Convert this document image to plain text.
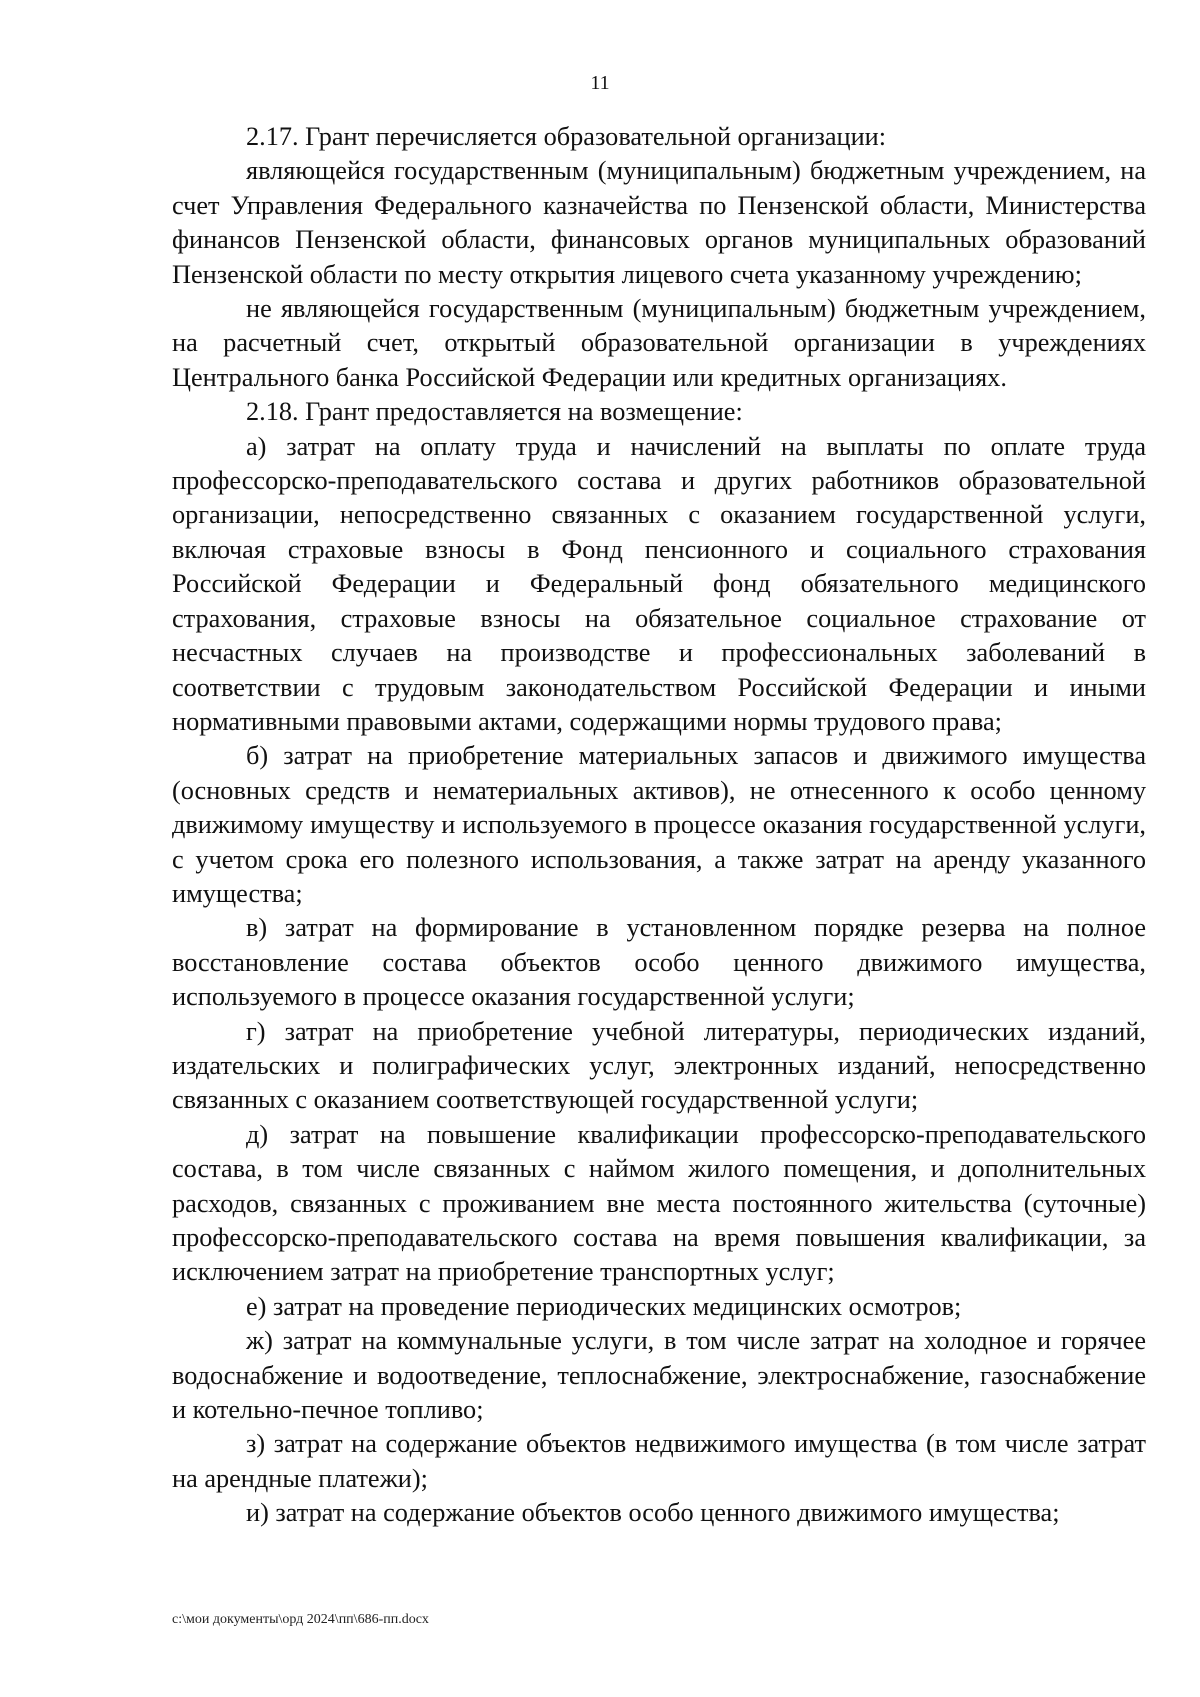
11

2.17. Грант перечисляется образовательной организации:

являющейся государственным (муниципальным) бюджетным учреждением, на счет Управления Федерального казначейства по Пензенской области, Министерства финансов Пензенской области, финансовых органов муниципальных образований Пензенской области по месту открытия лицевого счета указанному учреждению;

не являющейся государственным (муниципальным) бюджетным учреждением, на расчетный счет, открытый образовательной организации в учреждениях Центрального банка Российской Федерации или кредитных организациях.

2.18. Грант предоставляется на возмещение:

а) затрат на оплату труда и начислений на выплаты по оплате труда профессорско-преподавательского состава и других работников образовательной организации, непосредственно связанных с оказанием государственной услуги, включая страховые взносы в Фонд пенсионного и социального страхования Российской Федерации и Федеральный фонд обязательного медицинского страхования, страховые взносы на обязательное социальное страхование от несчастных случаев на производстве и профессиональных заболеваний в соответствии с трудовым законодательством Российской Федерации и иными нормативными правовыми актами, содержащими нормы трудового права;

б) затрат на приобретение материальных запасов и движимого имущества (основных средств и нематериальных активов), не отнесенного к особо ценному движимому имуществу и используемого в процессе оказания государственной услуги, с учетом срока его полезного использования, а также затрат на аренду указанного имущества;

в) затрат на формирование в установленном порядке резерва на полное восстановление состава объектов особо ценного движимого имущества, используемого в процессе оказания государственной услуги;

г) затрат на приобретение учебной литературы, периодических изданий, издательских и полиграфических услуг, электронных изданий, непосредственно связанных с оказанием соответствующей государственной услуги;

д) затрат на повышение квалификации профессорско-преподавательского состава, в том числе связанных с наймом жилого помещения, и дополнительных расходов, связанных с проживанием вне места постоянного жительства (суточные) профессорско-преподавательского состава на время повышения квалификации, за исключением затрат на приобретение транспортных услуг;

е) затрат на проведение периодических медицинских осмотров;

ж) затрат на коммунальные услуги, в том числе затрат на холодное и горячее водоснабжение и водоотведение, теплоснабжение, электроснабжение, газоснабжение и котельно-печное топливо;

з) затрат на содержание объектов недвижимого имущества (в том числе затрат на арендные платежи);

и) затрат на содержание объектов особо ценного движимого имущества;

c:\мои документы\орд 2024\пп\686-пп.docx
